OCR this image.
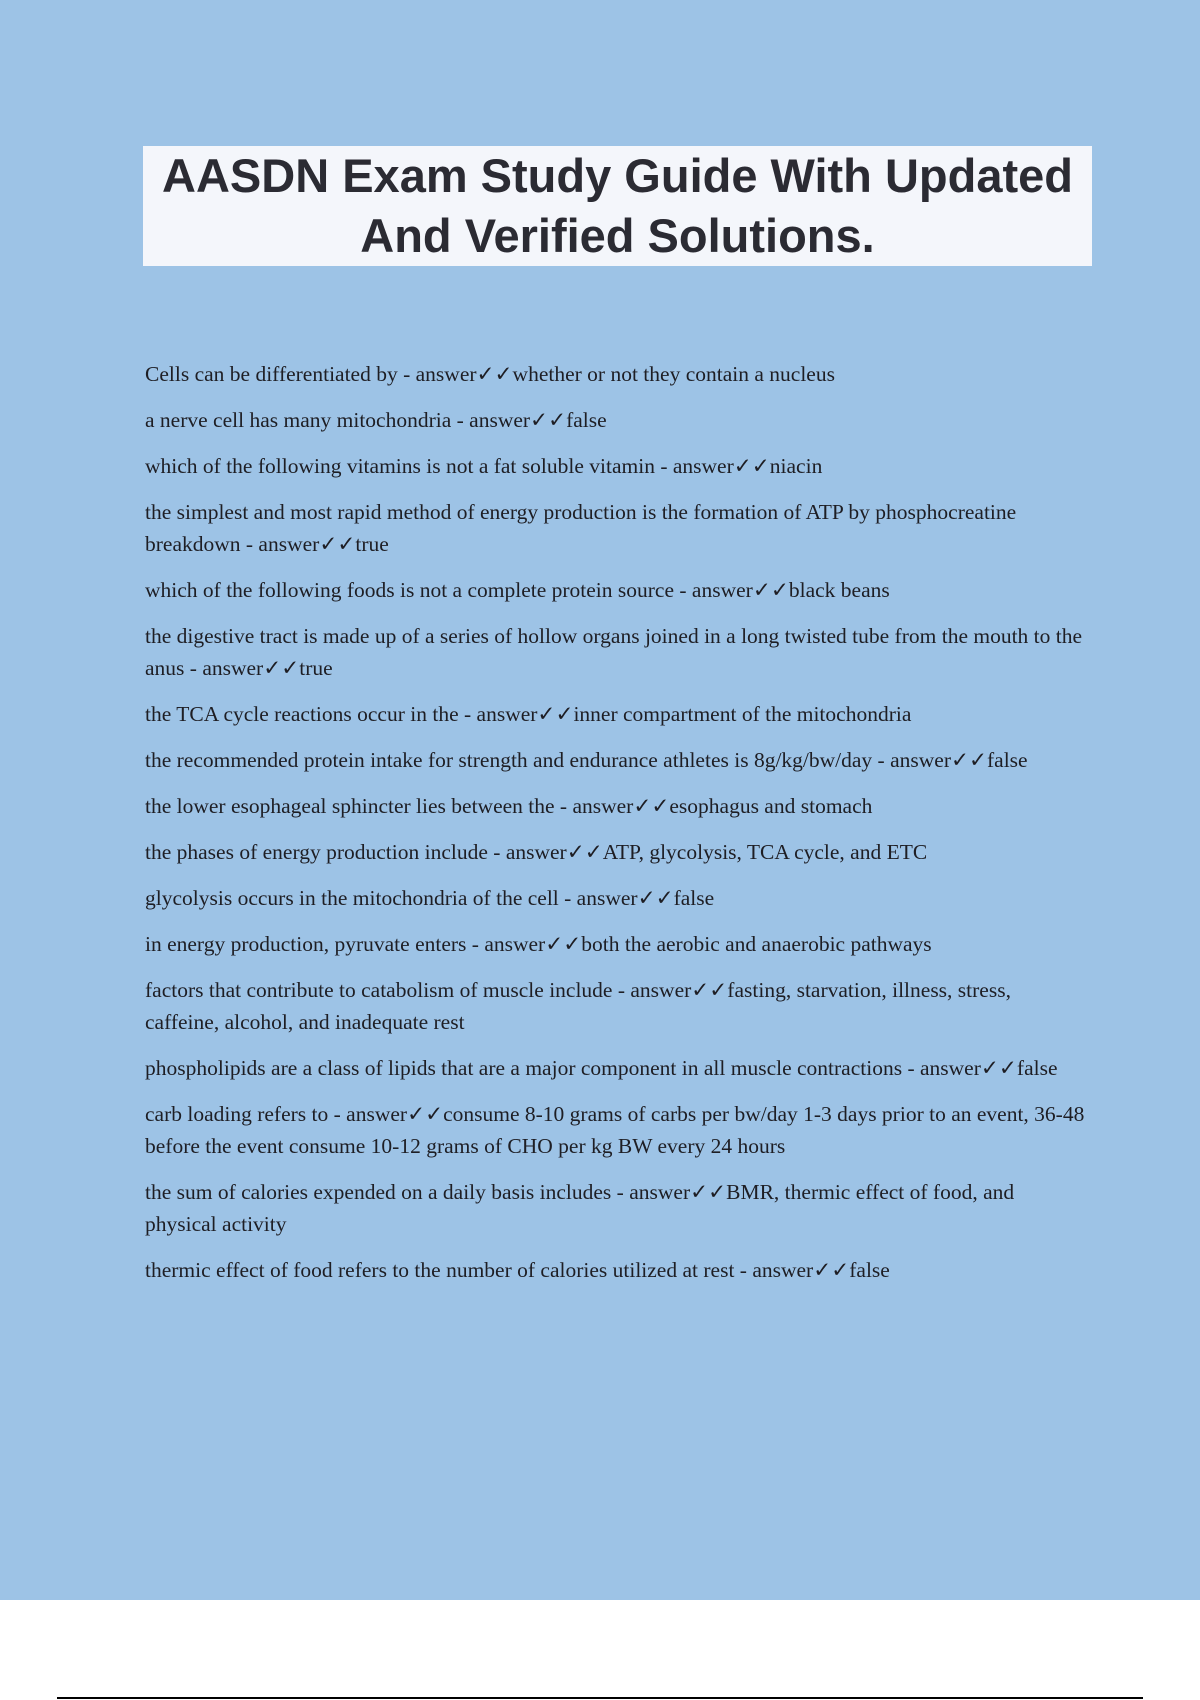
AASDN Exam Study Guide With Updated And Verified Solutions.
Cells can be differentiated by - answer✓✓whether or not they contain a nucleus
a nerve cell has many mitochondria - answer✓✓false
which of the following vitamins is not a fat soluble vitamin - answer✓✓niacin
the simplest and most rapid method of energy production is the formation of ATP by phosphocreatine breakdown - answer✓✓true
which of the following foods is not a complete protein source - answer✓✓black beans
the digestive tract is made up of a series of hollow organs joined in a long twisted tube from the mouth to the anus - answer✓✓true
the TCA cycle reactions occur in the - answer✓✓inner compartment of the mitochondria
the recommended protein intake for strength and endurance athletes is 8g/kg/bw/day - answer✓✓false
the lower esophageal sphincter lies between the - answer✓✓esophagus and stomach
the phases of energy production include - answer✓✓ATP, glycolysis, TCA cycle, and ETC
glycolysis occurs in the mitochondria of the cell - answer✓✓false
in energy production, pyruvate enters - answer✓✓both the aerobic and anaerobic pathways
factors that contribute to catabolism of muscle include - answer✓✓fasting, starvation, illness, stress, caffeine, alcohol, and inadequate rest
phospholipids are a class of lipids that are a major component in all muscle contractions - answer✓✓false
carb loading refers to - answer✓✓consume 8-10 grams of carbs per bw/day 1-3 days prior to an event, 36-48 before the event consume 10-12 grams of CHO per kg BW every 24 hours
the sum of calories expended on a daily basis includes - answer✓✓BMR, thermic effect of food, and physical activity
thermic effect of food refers to the number of calories utilized at rest - answer✓✓false
